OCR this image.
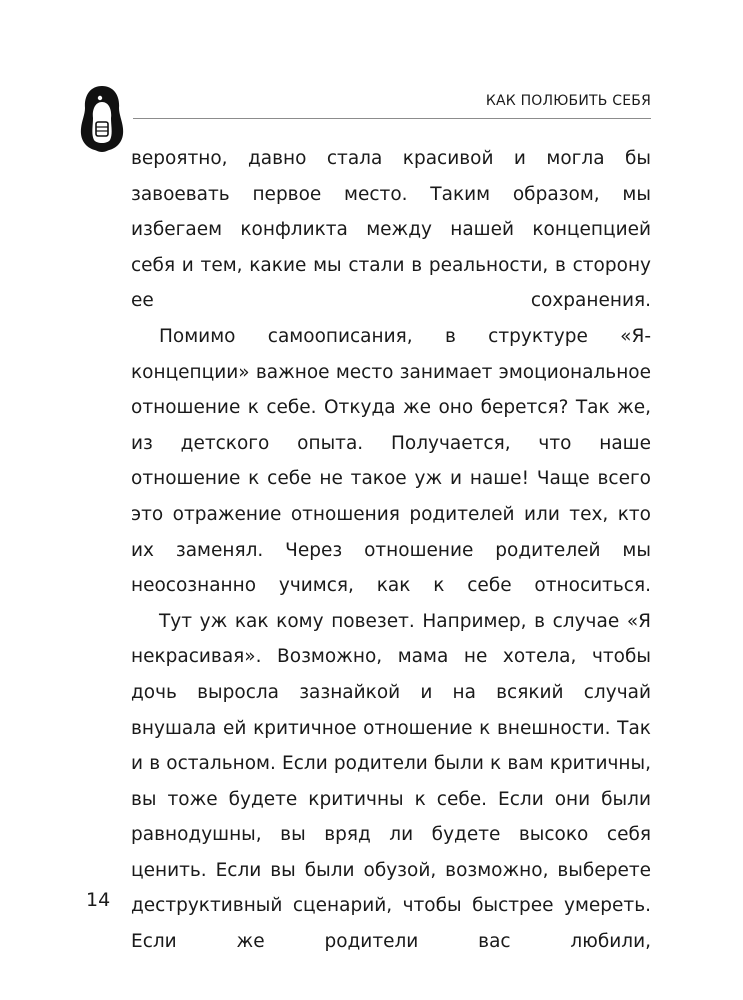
КАК ПОЛЮБИТЬ СЕБЯ

вероятно, давно стала красивой и могла бы завоевать первое место. Таким образом, мы избегаем конфликта между нашей концепцией себя и тем, какие мы стали в реальности, в сторону ее сохранения.

Помимо самоописания, в структуре «Я-концепции» важное место занимает эмоциональное отношение к себе. Откуда же оно берется? Так же, из детского опыта. Получается, что наше отношение к себе не такое уж и наше! Чаще всего это отражение отношения родителей или тех, кто их заменял. Через отношение родителей мы неосознанно учимся, как к себе относиться.

Тут уж как кому повезет. Например, в случае «Я некрасивая». Возможно, мама не хотела, чтобы дочь выросла зазнайкой и на всякий случай внушала ей критичное отношение к внешности. Так и в остальном. Если родители были к вам критичны, вы тоже будете критичны к себе. Если они были равнодушны, вы вряд ли будете высоко себя ценить. Если вы были обузой, возможно, выберете деструктивный сценарий, чтобы быстрее умереть. Если же родители вас любили,

14
